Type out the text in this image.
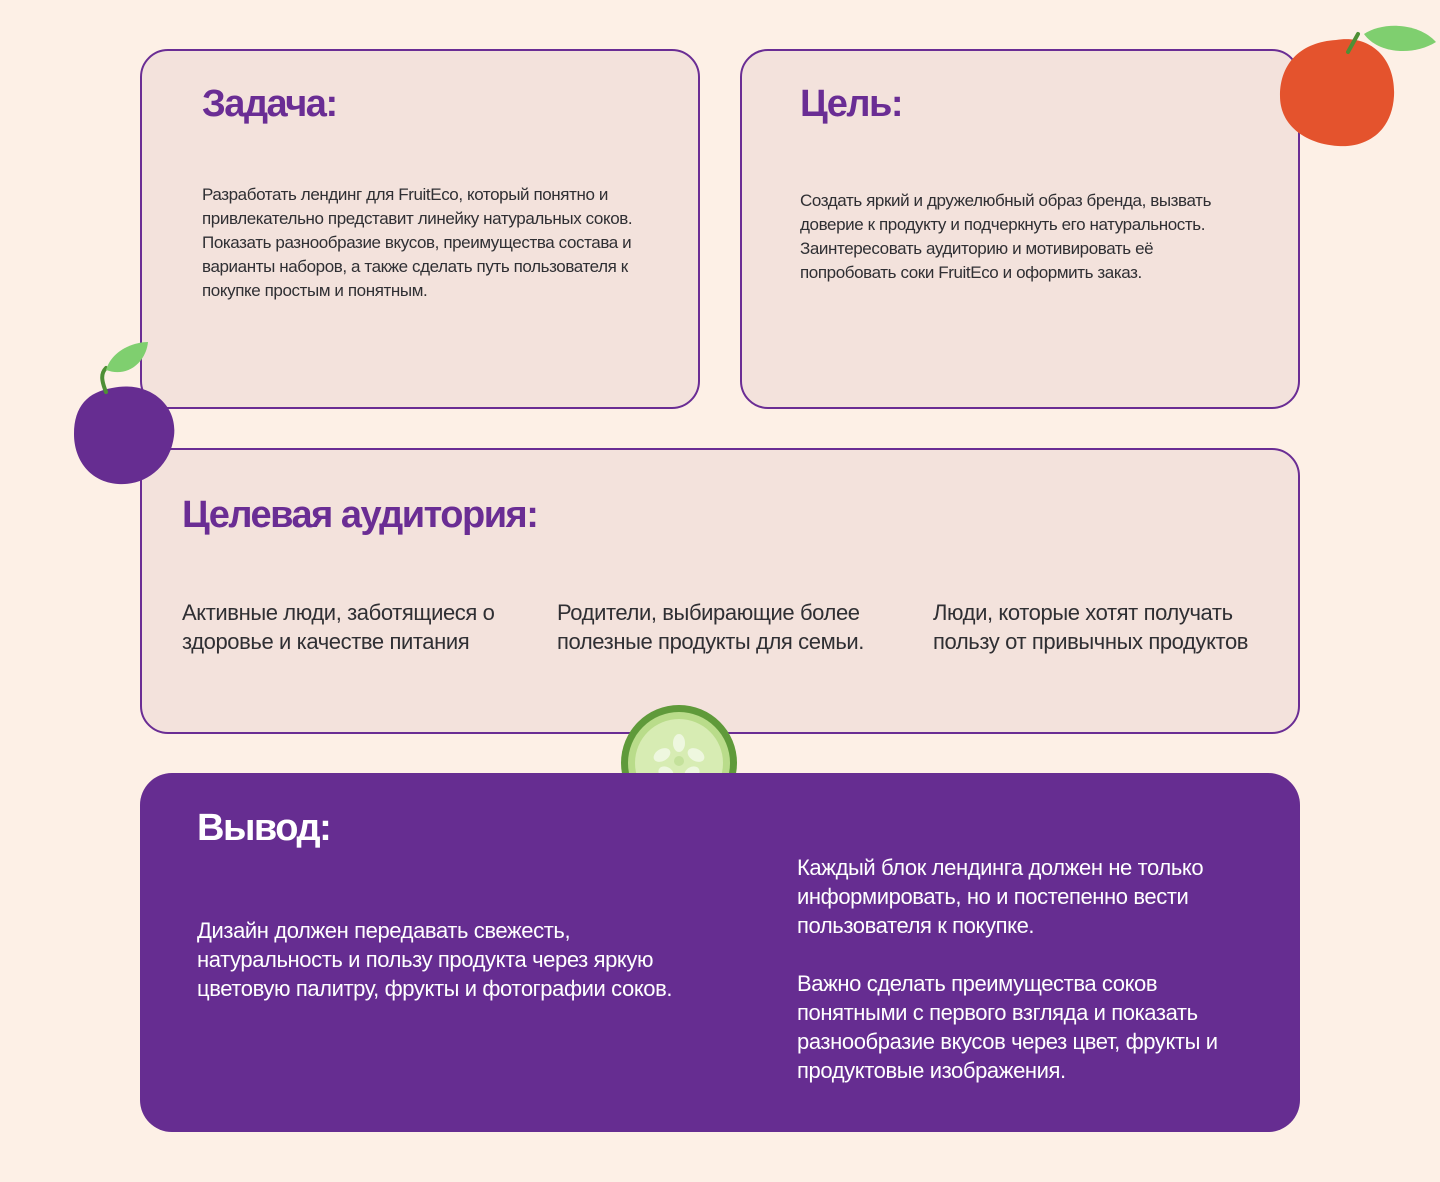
Задача:

Разработать лендинг для FruitEco, который понятно и привлекательно представит линейку натуральных соков.
Показать разнообразие вкусов, преимущества состава и варианты наборов, а также сделать путь пользователя к покупке простым и понятным.

Цель:

Создать яркий и дружелюбный образ бренда, вызвать доверие к продукту и подчеркнуть его натуральность.
Заинтересовать аудиторию и мотивировать её попробовать соки FruitEco и оформить заказ.

Целевая аудитория:

Активные люди, заботящиеся о здоровье и качестве питания

Родители, выбирающие более полезные продукты для семьи.

Люди, которые хотят получать пользу от привычных продуктов

Вывод:

Дизайн должен передавать свежесть, натуральность и пользу продукта через яркую цветовую палитру, фрукты и фотографии соков.

Каждый блок лендинга должен не только информировать, но и постепенно вести пользователя к покупке.

Важно сделать преимущества соков понятными с первого взгляда и показать разнообразие вкусов через цвет, фрукты и продуктовые изображения.
